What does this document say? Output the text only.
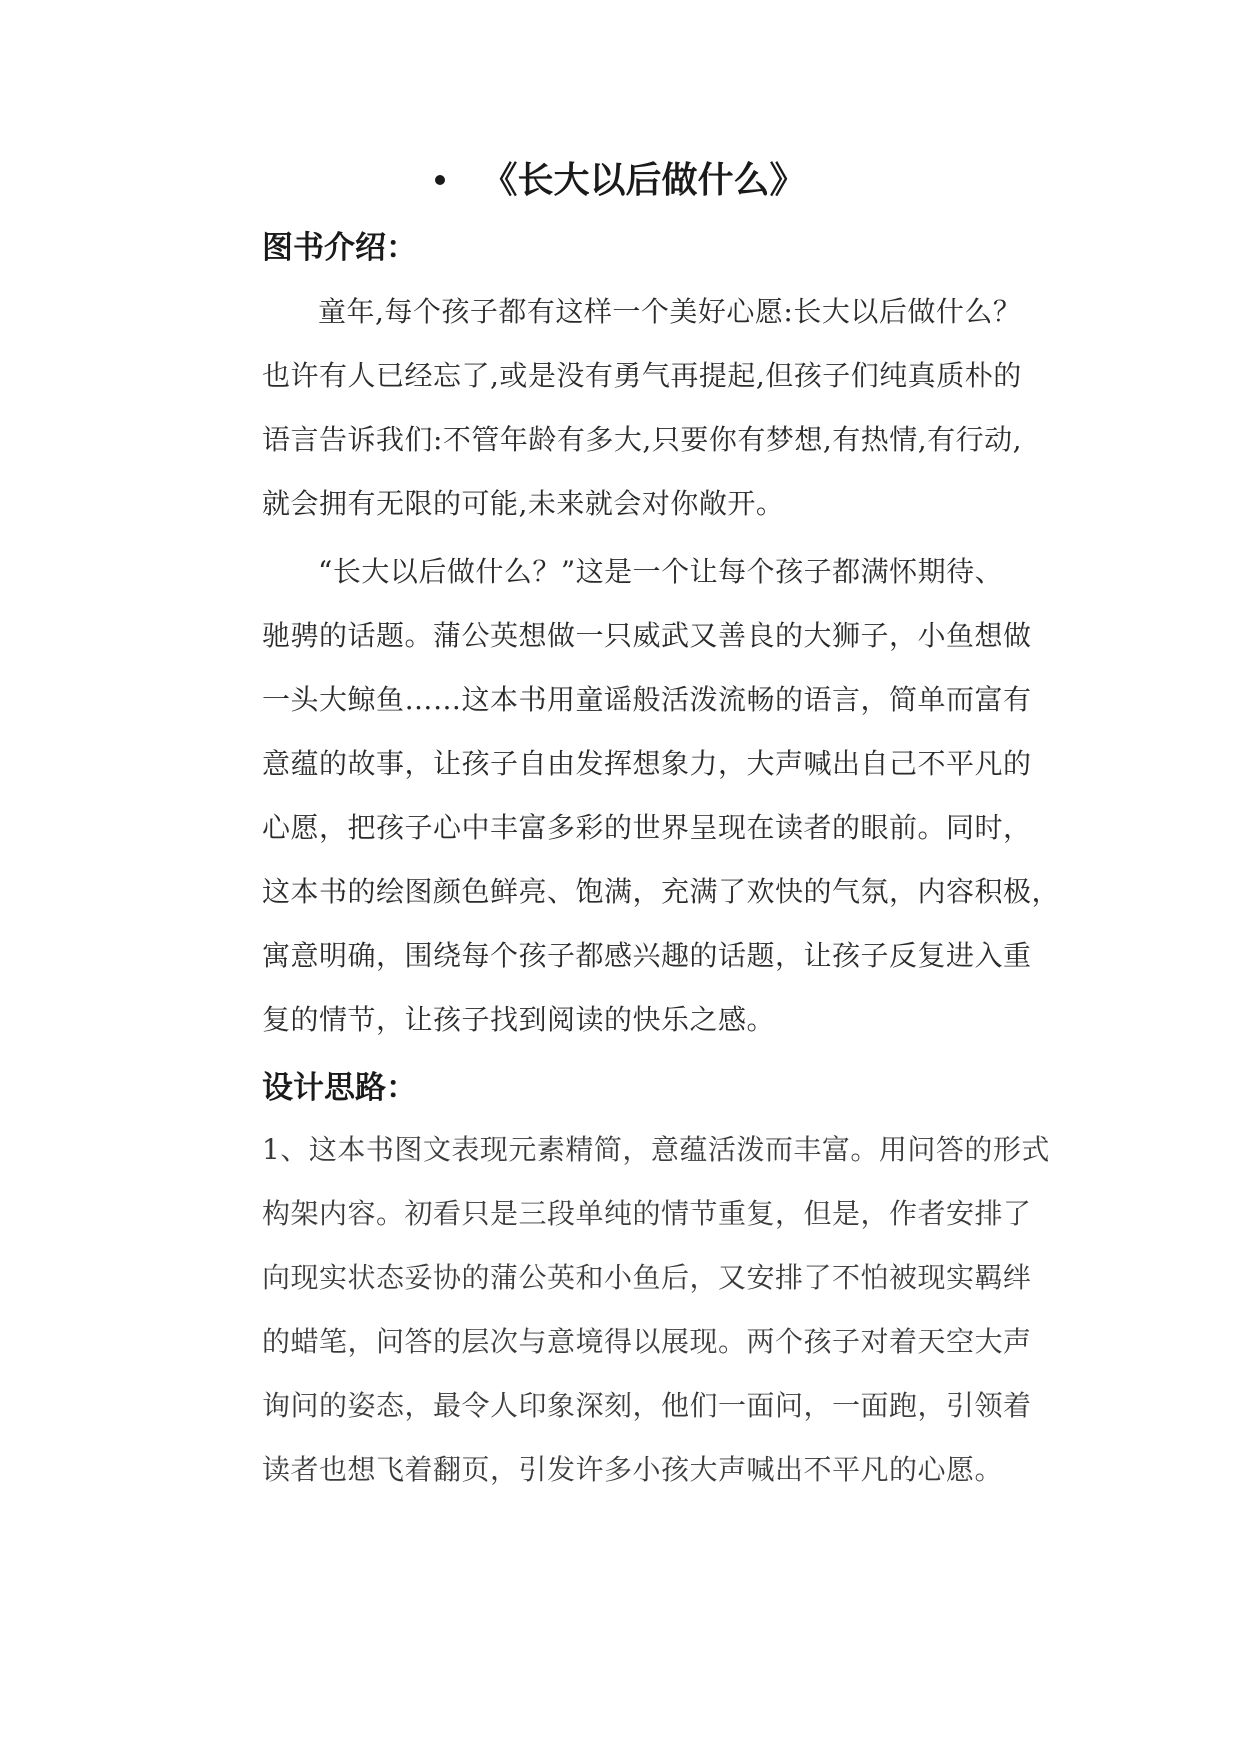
《长大以后做什么》
图书介绍：
童年,每个孩子都有这样一个美好心愿:长大以后做什么？
也许有人已经忘了,或是没有勇气再提起,但孩子们纯真质朴的
语言告诉我们:不管年龄有多大,只要你有梦想,有热情,有行动,
就会拥有无限的可能,未来就会对你敞开。
“长大以后做什么？”这是一个让每个孩子都满怀期待、
驰骋的话题。蒲公英想做一只威武又善良的大狮子，小鱼想做
一头大鲸鱼……这本书用童谣般活泼流畅的语言，简单而富有
意蕴的故事，让孩子自由发挥想象力，大声喊出自己不平凡的
心愿，把孩子心中丰富多彩的世界呈现在读者的眼前。同时，
这本书的绘图颜色鲜亮、饱满，充满了欢快的气氛，内容积极，
寓意明确，围绕每个孩子都感兴趣的话题，让孩子反复进入重
复的情节，让孩子找到阅读的快乐之感。
设计思路：
1、这本书图文表现元素精简，意蕴活泼而丰富。用问答的形式
构架内容。初看只是三段单纯的情节重复，但是，作者安排了
向现实状态妥协的蒲公英和小鱼后，又安排了不怕被现实羁绊
的蜡笔，问答的层次与意境得以展现。两个孩子对着天空大声
询问的姿态，最令人印象深刻，他们一面问，一面跑，引领着
读者也想飞着翻页，引发许多小孩大声喊出不平凡的心愿。
